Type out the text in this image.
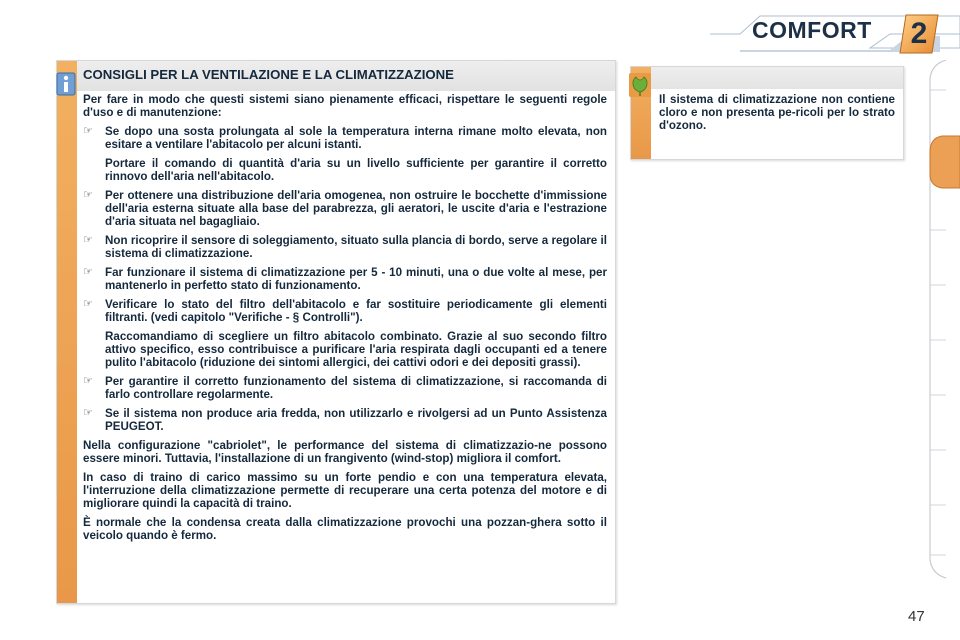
COMFORT	2
CONSIGLI PER LA VENTILAZIONE E LA CLIMATIZZAZIONE

Per fare in modo che questi sistemi siano pienamente efficaci, rispettare le seguenti regole d'uso e di manutenzione:

☞ Se dopo una sosta prolungata al sole la temperatura interna rimane molto elevata, non esitare a ventilare l'abitacolo per alcuni istanti.

Portare il comando di quantità d'aria su un livello sufficiente per garantire il corretto rinnovo dell'aria nell'abitacolo.

☞ Per ottenere una distribuzione dell'aria omogenea, non ostruire le bocchette d'immissione dell'aria esterna situate alla base del parabrezza, gli aeratori, le uscite d'aria e l'estrazione d'aria situata nel bagagliaio.
☞ Non ricoprire il sensore di soleggiamento, situato sulla plancia di bordo, serve a regolare il sistema di climatizzazione.
☞ Far funzionare il sistema di climatizzazione per 5 - 10 minuti, una o due volte al mese, per mantenerlo in perfetto stato di funzionamento.
☞ Verificare lo stato del filtro dell'abitacolo e far sostituire periodicamente gli elementi filtranti. (vedi capitolo "Verifiche - § Controlli").

Raccomandiamo di scegliere un filtro abitacolo combinato. Grazie al suo secondo filtro attivo specifico, esso contribuisce a purificare l'aria respirata dagli occupanti ed a tenere pulito l'abitacolo (riduzione dei sintomi allergici, dei cattivi odori e dei depositi grassi).

☞ Per garantire il corretto funzionamento del sistema di climatizzazione, si raccomanda di farlo controllare regolarmente.
☞ Se il sistema non produce aria fredda, non utilizzarlo e rivolgersi ad un Punto Assistenza PEUGEOT.

Nella configurazione "cabriolet", le performance del sistema di climatizzazio-ne possono essere minori. Tuttavia, l'installazione di un frangivento (wind-stop) migliora il comfort.

In caso di traino di carico massimo su un forte pendio e con una temperatura elevata, l'interruzione della climatizzazione permette di recuperare una certa potenza del motore e di migliorare quindi la capacità di traino.

È normale che la condensa creata dalla climatizzazione provochi una pozzan-ghera sotto il veicolo quando è fermo.

Il sistema di climatizzazione non contiene cloro e non presenta pe-ricoli per lo strato d'ozono.
47
